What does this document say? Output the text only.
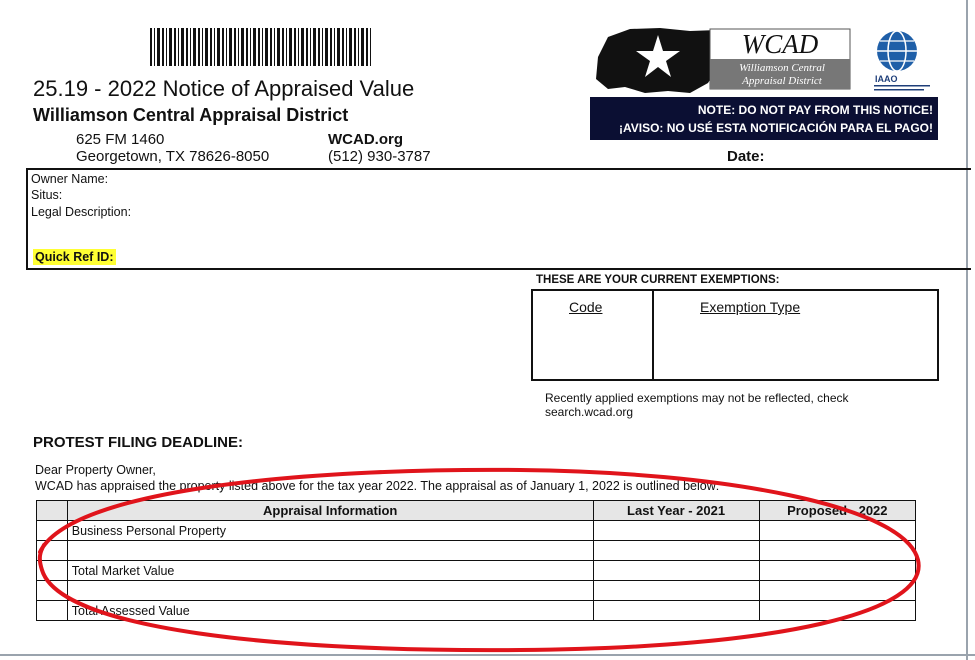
25.19 - 2022 Notice of Appraised Value
Williamson Central Appraisal District
625 FM 1460
Georgetown, TX 78626-8050
WCAD.org
(512) 930-3787	Date:
WCAD
Williamson Central
Appraisal District	IAAO
NOTE: DO NOT PAY FROM THIS NOTICE!
¡AVISO: NO USÉ ESTA NOTIFICACIÓN PARA EL PAGO!
Owner Name:
Situs:
Legal Description:
Quick Ref ID:
THESE ARE YOUR CURRENT EXEMPTIONS:
Code	Exemption Type
Recently applied exemptions may not be reflected, check
search.wcad.org
PROTEST FILING DEADLINE:
Dear Property Owner,
WCAD has appraised the property listed above for the tax year 2022. The appraisal as of January 1, 2022 is outlined below:
	Appraisal Information	Last Year - 2021	Proposed - 2022
	Business Personal Property		

	Total Market Value		

	Total Assessed Value		
